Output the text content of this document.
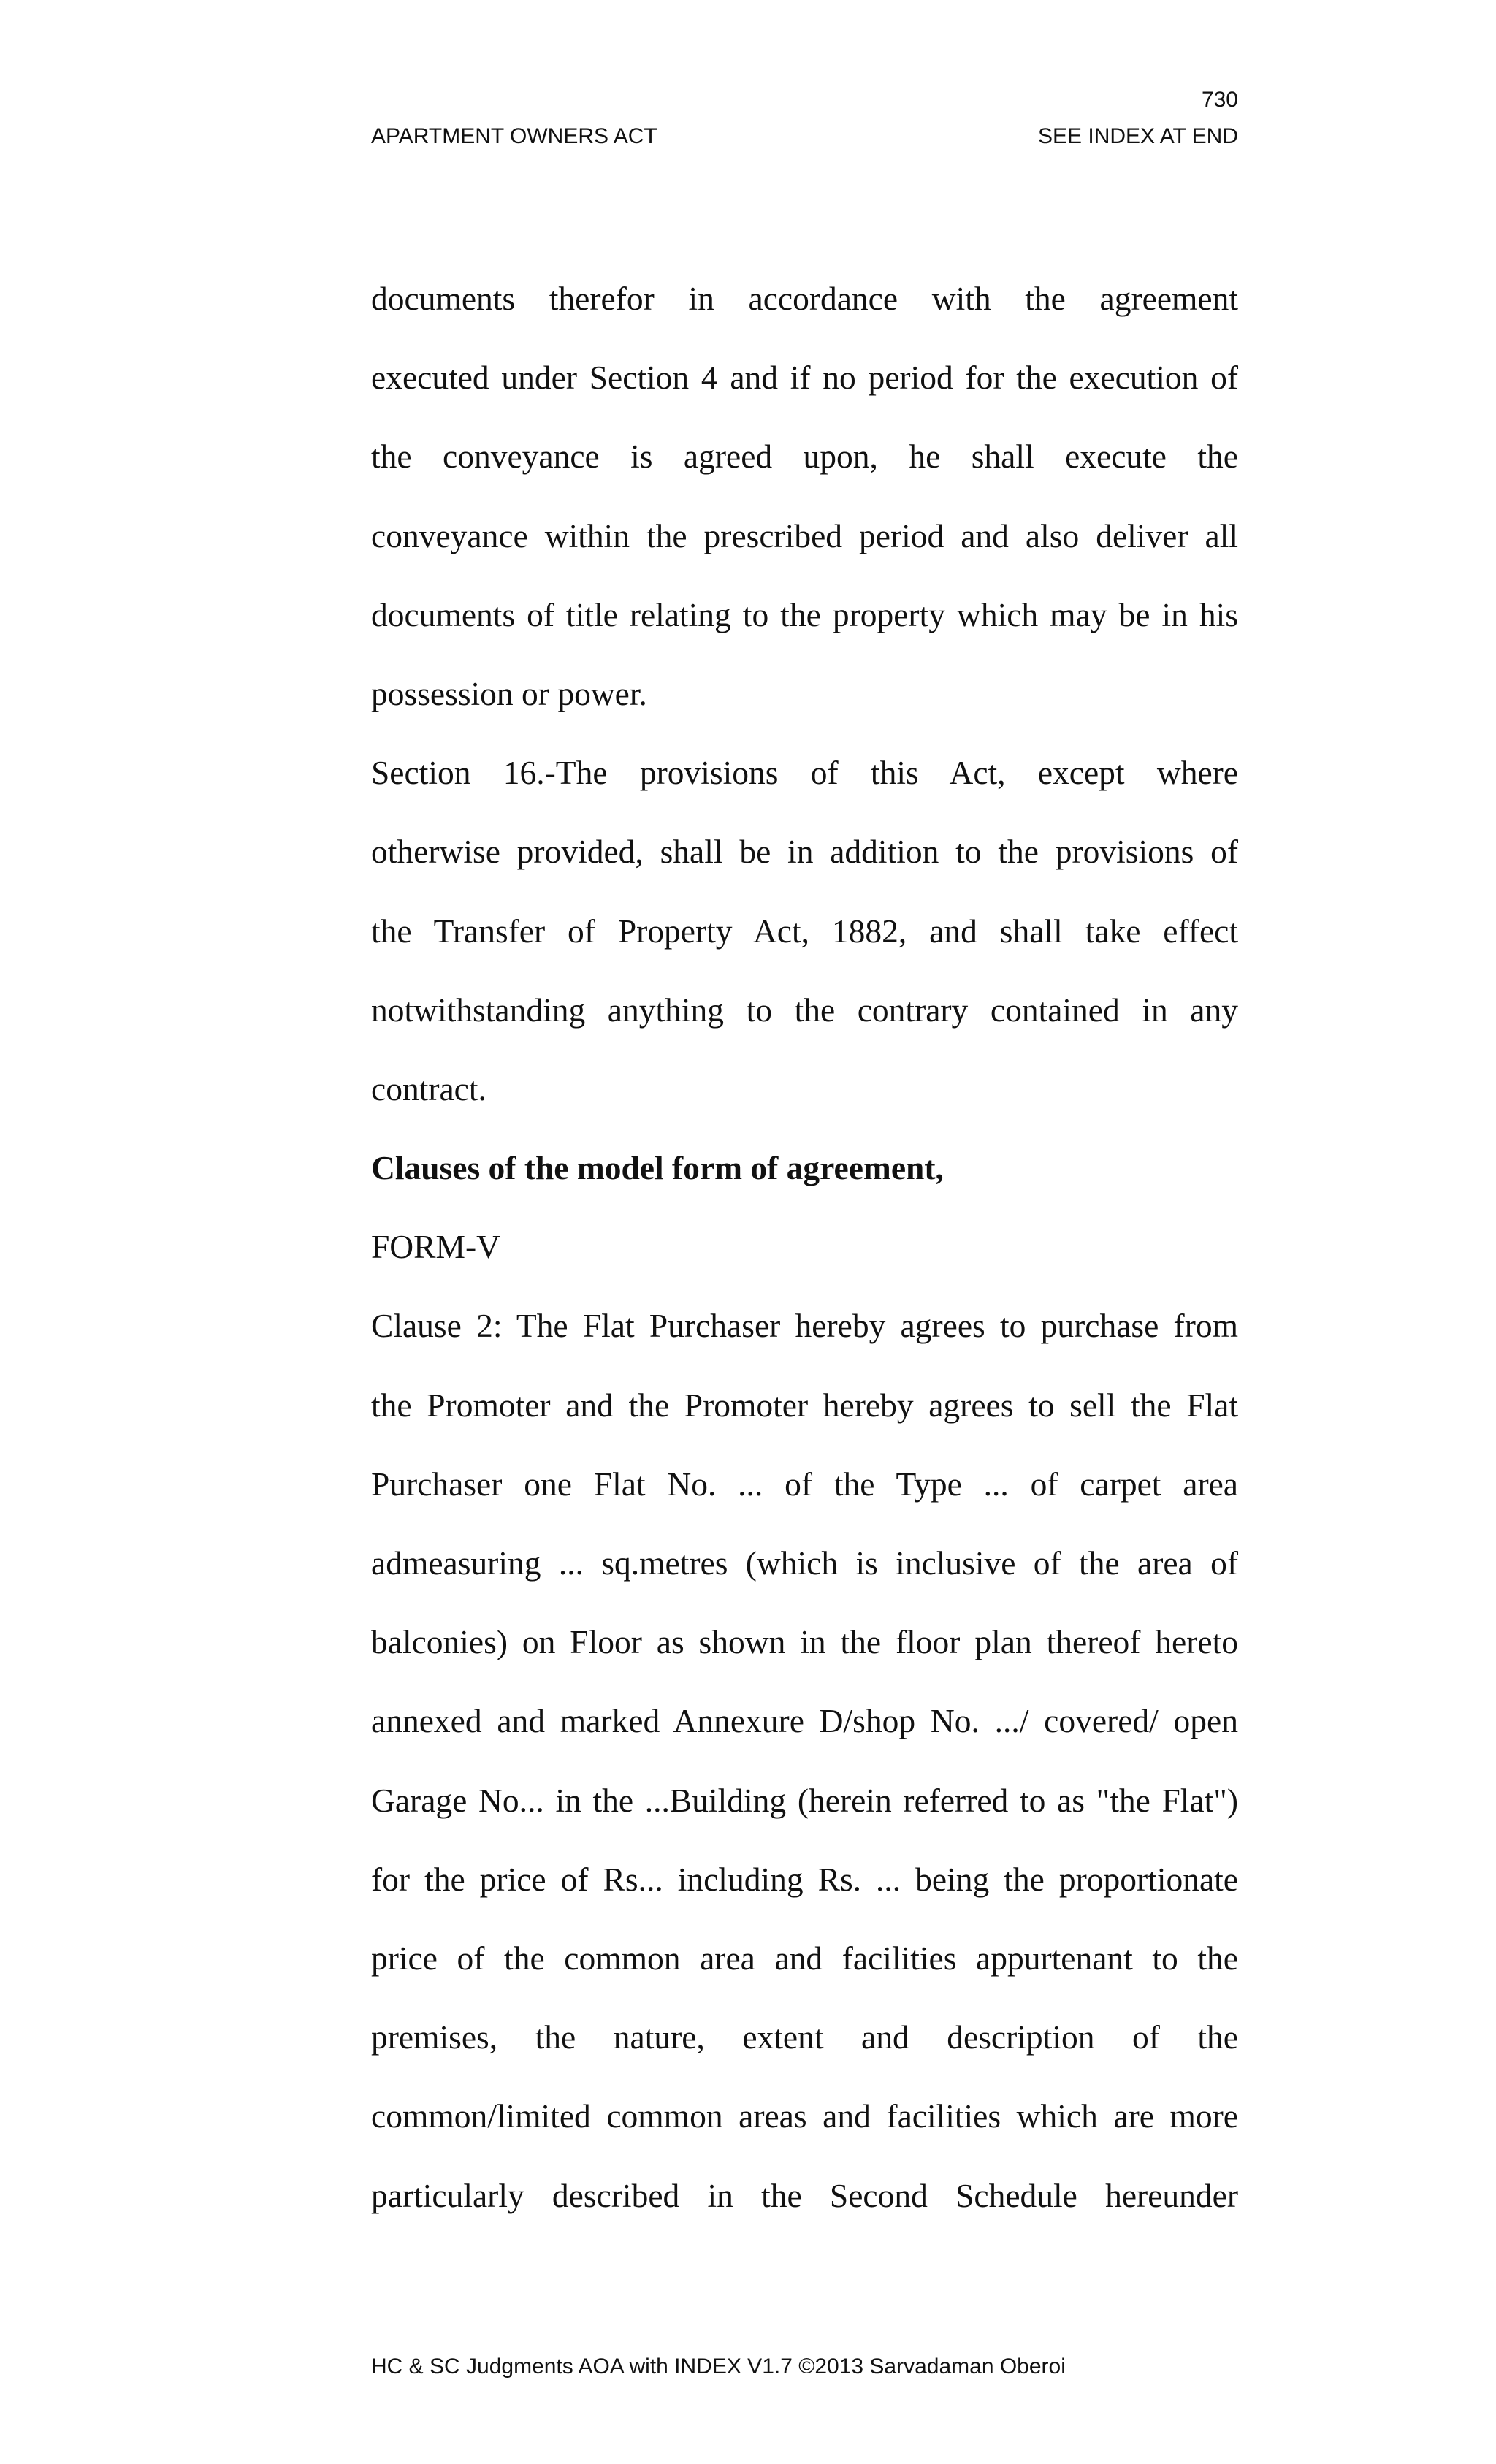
730
APARTMENT OWNERS ACT	SEE INDEX AT END
documents therefor in accordance with the agreement
executed under Section 4 and if no period for the execution of
the conveyance is agreed upon, he shall execute the
conveyance within the prescribed period and also deliver all
documents of title relating to the property which may be in his
possession or power.
Section 16.-The provisions of this Act, except where
otherwise provided, shall be in addition to the provisions of
the Transfer of Property Act, 1882, and shall take effect
notwithstanding anything to the contrary contained in any
contract.
Clauses of the model form of agreement,
FORM-V
Clause 2: The Flat Purchaser hereby agrees to purchase from
the Promoter and the Promoter hereby agrees to sell the Flat
Purchaser one Flat No. ... of the Type ... of carpet area
admeasuring ... sq.metres (which is inclusive of the area of
balconies) on Floor as shown in the floor plan thereof hereto
annexed and marked Annexure D/shop No. .../ covered/ open
Garage No... in the ...Building (herein referred to as "the Flat")
for the price of Rs... including Rs. ... being the proportionate
price of the common area and facilities appurtenant to the
premises, the nature, extent and description of the
common/limited common areas and facilities which are more
particularly described in the Second Schedule hereunder
HC & SC Judgments AOA with INDEX V1.7 ©2013 Sarvadaman Oberoi
